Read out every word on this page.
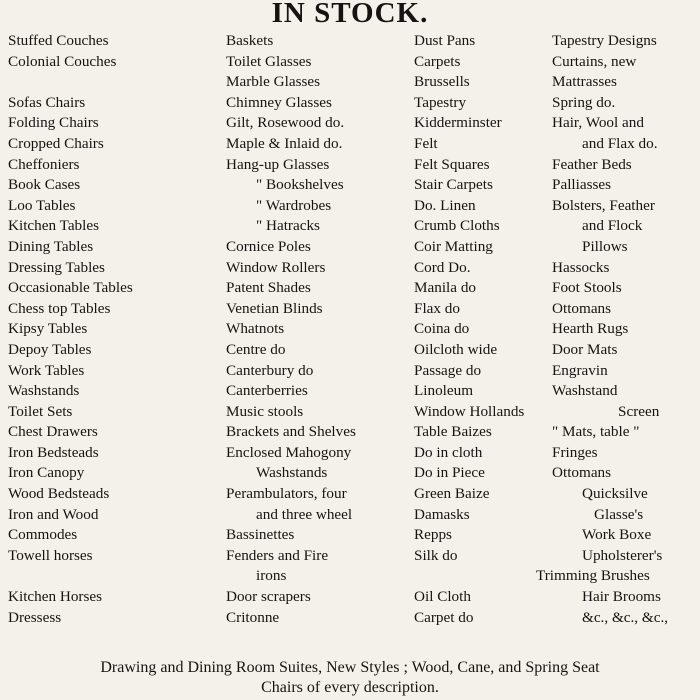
IN STOCK.
Stuffed Couches
Colonial Couches
Sofas Chairs
Folding Chairs
Cropped Chairs
Cheffoniers
Book Cases
Loo Tables
Kitchen Tables
Dining Tables
Dressing Tables
Occasionable Tables
Chess top Tables
Kipsy Tables
Depoy Tables
Work Tables
Washstands
Toilet Sets
Chest Drawers
Iron Bedsteads
Iron Canopy
Wood Bedsteads
Iron and Wood
Commodes
Towell horses
Kitchen Horses
Dressess
Baskets
Toilet Glasses
Marble Glasses
Chimney Glasses
Gilt, Rosewood do.
Maple & Inlaid do.
Hang-up Glasses
" Bookshelves
" Wardrobes
" Hatracks
Cornice Poles
Window Rollers
Patent Shades
Venetian Blinds
Whatnots
Centre do
Canterbury do
Canterberries
Music stools
Brackets and Shelves
Enclosed Mahogony
Washstands
Perambulators, four
and three wheel
Bassinettes
Fenders and Fire
irons
Door scrapers
Critonne
Dust Pans
Carpets
Brussells
Tapestry
Kidderminster
Felt
Felt Squares
Stair Carpets
Do. Linen
Crumb Cloths
Coir Matting
Cord Do.
Manila do
Flax do
Coina do
Oilcloth wide
Passage do
Linoleum
Window Hollands
Table Baizes
Do in cloth
Do in Piece
Green Baize
Damasks
Repps
Silk do
Oil Cloth
Carpet do
Tapestry Designs
Curtains, new
Mattrasses
Spring do.
Hair, Wool and
and Flax do.
Feather Beds
Palliasses
Bolsters, Feather
and Flock
Pillows
Hassocks
Foot Stools
Ottomans
Hearth Rugs
Door Mats
Engravin
Washstand
Screen
" Mats, table "
Fringes
Ottomans
Quicksilve
Glasse's
Work Boxe
Upholsterer's
Trimming Brushes
Hair Brooms
&c., &c., &c.,
Drawing and Dining Room Suites, New Styles ; Wood, Cane, and Spring Seat
Chairs of every description.
